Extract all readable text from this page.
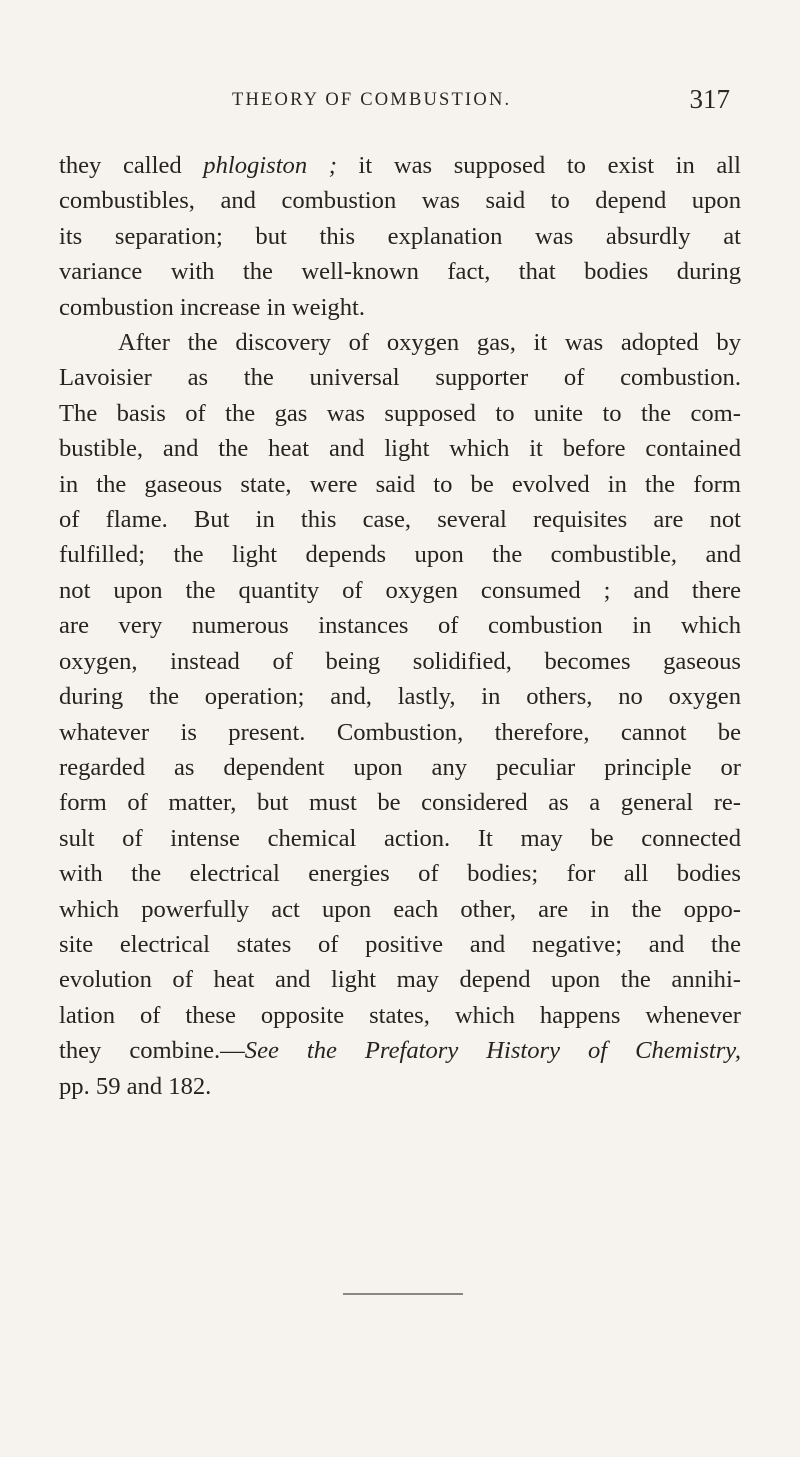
THEORY OF COMBUSTION.	317
they called phlogiston ; it was supposed to exist in all
combustibles, and combustion was said to depend upon
its separation; but this explanation was absurdly at
variance with the well-known fact, that bodies during
combustion increase in weight.
After the discovery of oxygen gas, it was adopted by
Lavoisier as the universal supporter of combustion.
The basis of the gas was supposed to unite to the com-
bustible, and the heat and light which it before contained
in the gaseous state, were said to be evolved in the form
of flame. But in this case, several requisites are not
fulfilled; the light depends upon the combustible, and
not upon the quantity of oxygen consumed ; and there
are very numerous instances of combustion in which
oxygen, instead of being solidified, becomes gaseous
during the operation; and, lastly, in others, no oxygen
whatever is present. Combustion, therefore, cannot be
regarded as dependent upon any peculiar principle or
form of matter, but must be considered as a general re-
sult of intense chemical action. It may be connected
with the electrical energies of bodies; for all bodies
which powerfully act upon each other, are in the oppo-
site electrical states of positive and negative; and the
evolution of heat and light may depend upon the annihi-
lation of these opposite states, which happens whenever
they combine.—See the Prefatory History of Chemistry,
pp. 59 and 182.
